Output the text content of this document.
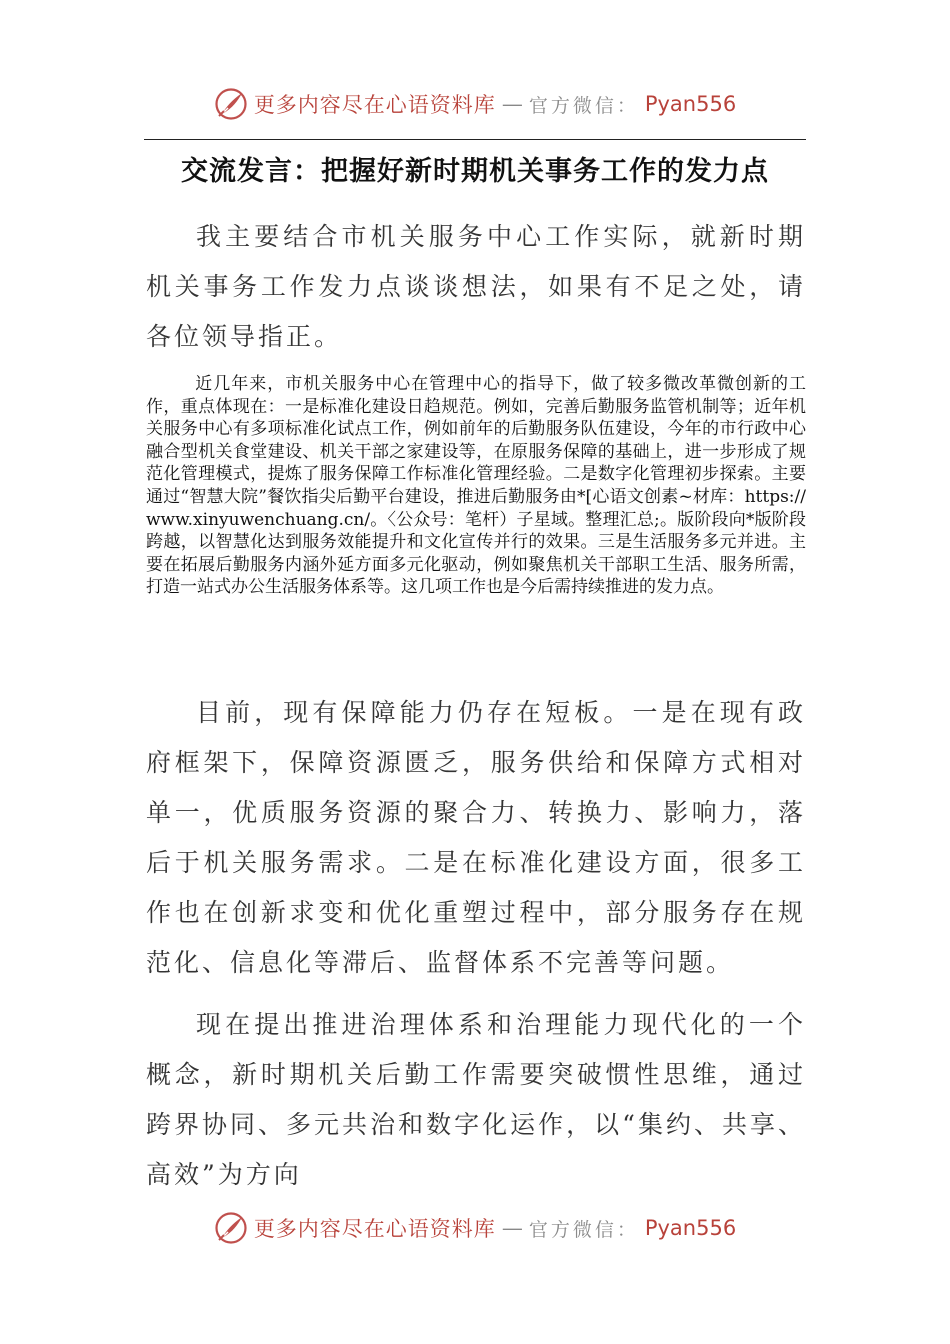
更多内容尽在心语资料库 — 官方微信： Pyan556
交流发言：把握好新时期机关事务工作的发力点

我主要结合市机关服务中心工作实际，就新时期机关事务工作发力点谈谈想法，如果有不足之处，请各位领导指正。

近几年来，市机关服务中心在管理中心的指导下，做了较多微改革微创新的工作，重点体现在：一是标准化建设日趋规范。例如，完善后勤服务监管机制等；近年机关服务中心有多项标准化试点工作，例如前年的后勤服务队伍建设，今年的市行政中心融合型机关食堂建设、机关干部之家建设等，在原服务保障的基础上，进一步形成了规范化管理模式，提炼了服务保障工作标准化管理经验。二是数字化管理初步探索。主要通过“智慧大院”餐饮指尖后勤平台建设，推进后勤服务由*[心语文创素~材库：https://www.xinyuwenchuang.cn/。〈公众号：笔杆）子星域。整理汇总;。版阶段向*版阶段跨越，以智慧化达到服务效能提升和文化宣传并行的效果。三是生活服务多元并进。主要在拓展后勤服务内涵外延方面多元化驱动，例如聚焦机关干部职工生活、服务所需，打造一站式办公生活服务体系等。这几项工作也是今后需持续推进的发力点。

目前，现有保障能力仍存在短板。一是在现有政府框架下，保障资源匮乏，服务供给和保障方式相对单一，优质服务资源的聚合力、转换力、影响力，落后于机关服务需求。二是在标准化建设方面，很多工作也在创新求变和优化重塑过程中，部分服务存在规范化、信息化等滞后、监督体系不完善等问题。

现在提出推进治理体系和治理能力现代化的一个概念，新时期机关后勤工作需要突破惯性思维，通过跨界协同、多元共治和数字化运作，以“集约、共享、高效”为方向

更多内容尽在心语资料库 — 官方微信： Pyan556
